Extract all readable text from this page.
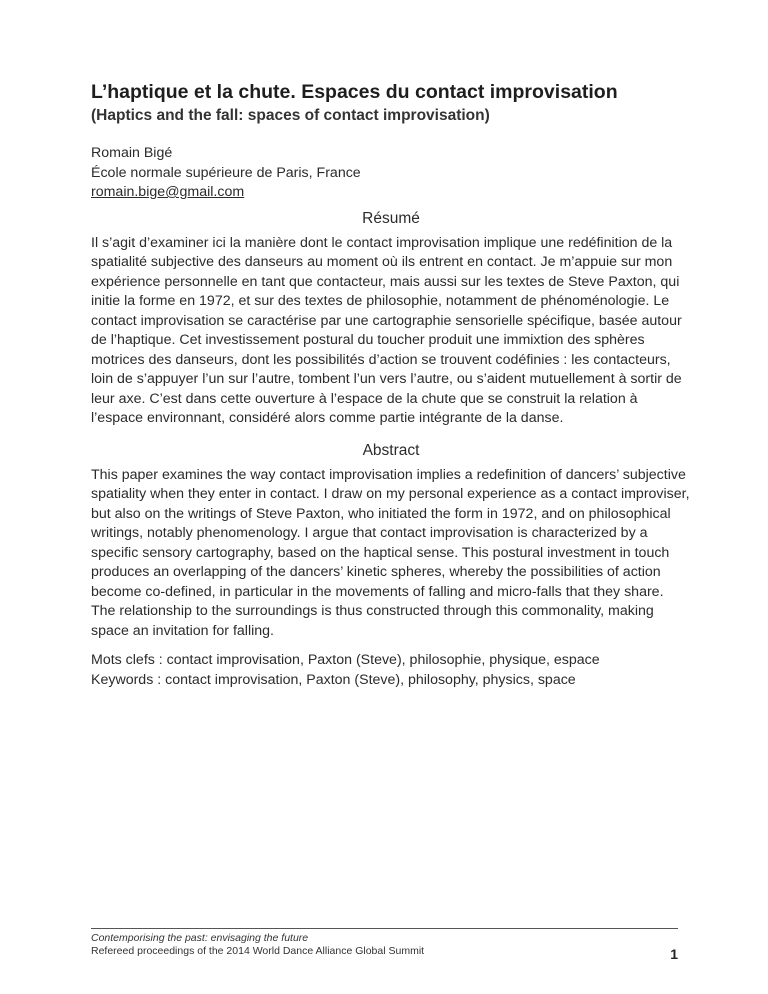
L’haptique et la chute. Espaces du contact improvisation
(Haptics and the fall: spaces of contact improvisation)
Romain Bigé
École normale supérieure de Paris, France
romain.bige@gmail.com
Résumé

Il s’agit d’examiner ici la manière dont le contact improvisation implique une redéfinition de la spatialité subjective des danseurs au moment où ils entrent en contact. Je m’appuie sur mon expérience personnelle en tant que contacteur, mais aussi sur les textes de Steve Paxton, qui initie la forme en 1972, et sur des textes de philosophie, notamment de phénoménologie. Le contact improvisation se caractérise par une cartographie sensorielle spécifique, basée autour de l’haptique. Cet investissement postural du toucher produit une immixtion des sphères motrices des danseurs, dont les possibilités d’action se trouvent codéfinies : les contacteurs, loin de s’appuyer l’un sur l’autre, tombent l’un vers l’autre, ou s’aident mutuellement à sortir de leur axe. C’est dans cette ouverture à l’espace de la chute que se construit la relation à l’espace environnant, considéré alors comme partie intégrante de la danse.

Abstract

This paper examines the way contact improvisation implies a redefinition of dancers’ subjective spatiality when they enter in contact. I draw on my personal experience as a contact improviser, but also on the writings of Steve Paxton, who initiated the form in 1972, and on philosophical writings, notably phenomenology. I argue that contact improvisation is characterized by a specific sensory cartography, based on the haptical sense. This postural investment in touch produces an overlapping of the dancers’ kinetic spheres, whereby the possibilities of action become co-defined, in particular in the movements of falling and micro-falls that they share. The relationship to the surroundings is thus constructed through this commonality, making space an invitation for falling.

Mots clefs : contact improvisation, Paxton (Steve), philosophie, physique, espace
Keywords : contact improvisation, Paxton (Steve), philosophy, physics, space
Contemporising the past: envisaging the future
Refereed proceedings of the 2014 World Dance Alliance Global Summit	1
